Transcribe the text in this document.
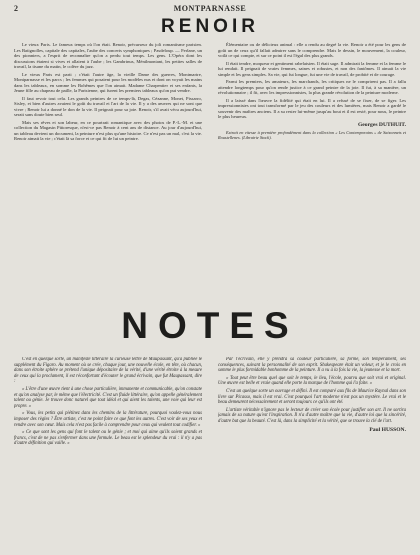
2	MONTPARNASSE
RENOIR

Le vieux Paris. Le fameux temps où l'on était. Renoir, précurseur du joli romantisme parisien. Les Batignolles, capitale des capitales, l'aube des concerts symphoniques ; Pasdeloup. — Ferlane, un des pionniers, a l'esprit de reconnaître qu'on a perdu tout temps. Les gens. L'Opéra dont les discussions étaient si vives et allaient à l'aube ; les Gambrinus, Ménilmontant, les petites salles de travail, la tisane du matin, le colère du jazz.

Le vieux Paris est parti ; c'était l'autre âge, la vieille Dame des guerres, Montmartre, Montparnasse et les parcs ; les femmes qui posaient pour les modèles nus et dont on voyait les mains dans les tableaux, en somme les Bohêmes que l'on aimait. Madame Charpentier et ses enfants, la Jeune fille au chapeau de paille, la Parisienne, qui furent les premiers tableaux qu'on put vendre.

Il faut revoir tout cela. Les grands peintres de ce temps-là, Degas, Cézanne, Monet, Pissarro, Sisley, et bien d'autres avaient le goût du travail et l'art de la vie. Il y a des œuvres qui ne sont que vivre ; Renoir lui a donné le don de la vie. Il peignait pour sa joie. Renoir, s'il avait vécu aujourd'hui, serait sans doute bien seul.

Mais ses rêves et son labeur, en ce pourtrait romantique avec des photos de P.-L.-M. et une collection du Magasin Pittoresque, n'est-ce pas Renoir à cent ans de distance. Au jour d'aujourd'hui, un tableau devient un document, la peinture n'est plus qu'une histoire. Ce n'est pas un mal, c'est la vie. Renoir aimait la vie ; c'était là sa force et ce qui fit de lui un peintre.

Élémentaire ou de délicieux animal : elle a rendu au degré la vie. Renoir a été pour les gens de goût un de ceux qu'il fallait admirer sans le comprendre. Mais le dessin, le mouvement, la couleur, voilà ce qui compte, et sur ce point il est l'égal des plus grands.

Il était tendre, moqueur et gentiment rabelaisien. Il était sage. Il admirait la femme et la femme le lui rendait. Il peignait de vraies femmes, saines et robustes, et non des fantômes. Il aimait la vie simple et les gens simples. Sa vie, qui fut longue, fut une vie de travail, de probité et de courage.

Parmi les premiers, les amateurs, les marchands, les critiques ne le comprirent pas. Il a fallu attendre longtemps pour qu'on rende justice à ce grand peintre de la joie. Il fut, à sa manière, un révolutionnaire ; il fit, avec les impressionnistes, la plus grande révolution de la peinture moderne.

Il a laissé dans l'œuvre la fidélité qui était en lui. Il a refusé de se fixer, de se figer. Les impressionnistes ont tout transformé par le jeu des couleurs et des lumières, mais Renoir a gardé le souvenir des maîtres anciens. Il a su rester lui-même jusqu'au bout et il est resté, pour nous, le peintre le plus heureux.

Georges DUTHUIT.

Extrait en vitesse à première profondément dans la collection « Les Contemporains » de Saisonnets et Roustellenes. (Librairie Stock).

NOTES

C'est en quelque sorte, un manifeste littéraire la curieuse lettre de Maupassant, qu'a publiée le supplément du Figaro. Au moment où se crée, chaque jour, une nouvelle école, en tête, où chacun, dans son étroite sphère se prétend l'unique dépositaire de la vérité, d'une vérité étroite à la mesure de ceux qui la proclament, il est réconfortant d'écouter le grand écrivain, que fut Maupassant, dire :

« L'être d'une œuvre tient à une chose particulière, immanente et communicable, qu'on constate et qu'on analyse par, le même que l'électricité. C'est un fluide littéraire, qu'on appelle généralement talent ou génie. Je trouve donc naturel que tout idéal et qui aient les talents, une voie qui leur est propre. »

« Vous, les petits qui piétinez dans les chemins de la littérature, pourquoi voulez-vous nous imposer des règles ? Être artiste, c'est ne point faire ce que font les autres. C'est voir de ses yeux et rendre avec son cœur. Mais cela n'est pas facile à comprendre pour ceux qui veulent tout codifier. »

« Ce que sont les gens qui font le talent ou le génie ; et moi qui aime qu'ils soient grands et francs, c'est de ne pas s'enfermer dans une formule. Le beau est le splendeur du vrai : il n'y a pas d'autre définition qui vaille. »

Par l'écrivain, elle y prendra sa couleur particulière, sa forme, son tempérament, ses conséquences, suivant la personnalité de son esprit. Shakespeare était un voleur, et je le crois en somme le plus formidable bonhomme de la peinture. Il a vu à la fois la vie, la jeunesse et la mort.

« Tout peut être beau quel que soit le temps, le lieu, l'école, pourvu que soit vrai et original. Une œuvre est belle et vraie quand elle porte la marque de l'homme qui l'a faite. »

C'est un quelque sorte un ouvrage et défini. Il est comparé aux fils de Maurice Raynal dans son livre sur Picasso, mais il est vrai. C'est pourquoi l'art moderne n'est pas un mystère. Le vrai et le beau demeurent nécessairement et seront toujours ce qu'ils ont été.

L'artiste véritable n'ignore pas le lecteur de créer son école pour justifier son art. Il ne sortira jamais de sa nature qu'est l'inspiration. Il n'a d'autre maître que la vie, d'autre loi que la sincérité, d'autre but que la beauté. C'est là, dans la simplicité et la vérité, que se trouve la clé de l'art.

Paul HUSSON.
